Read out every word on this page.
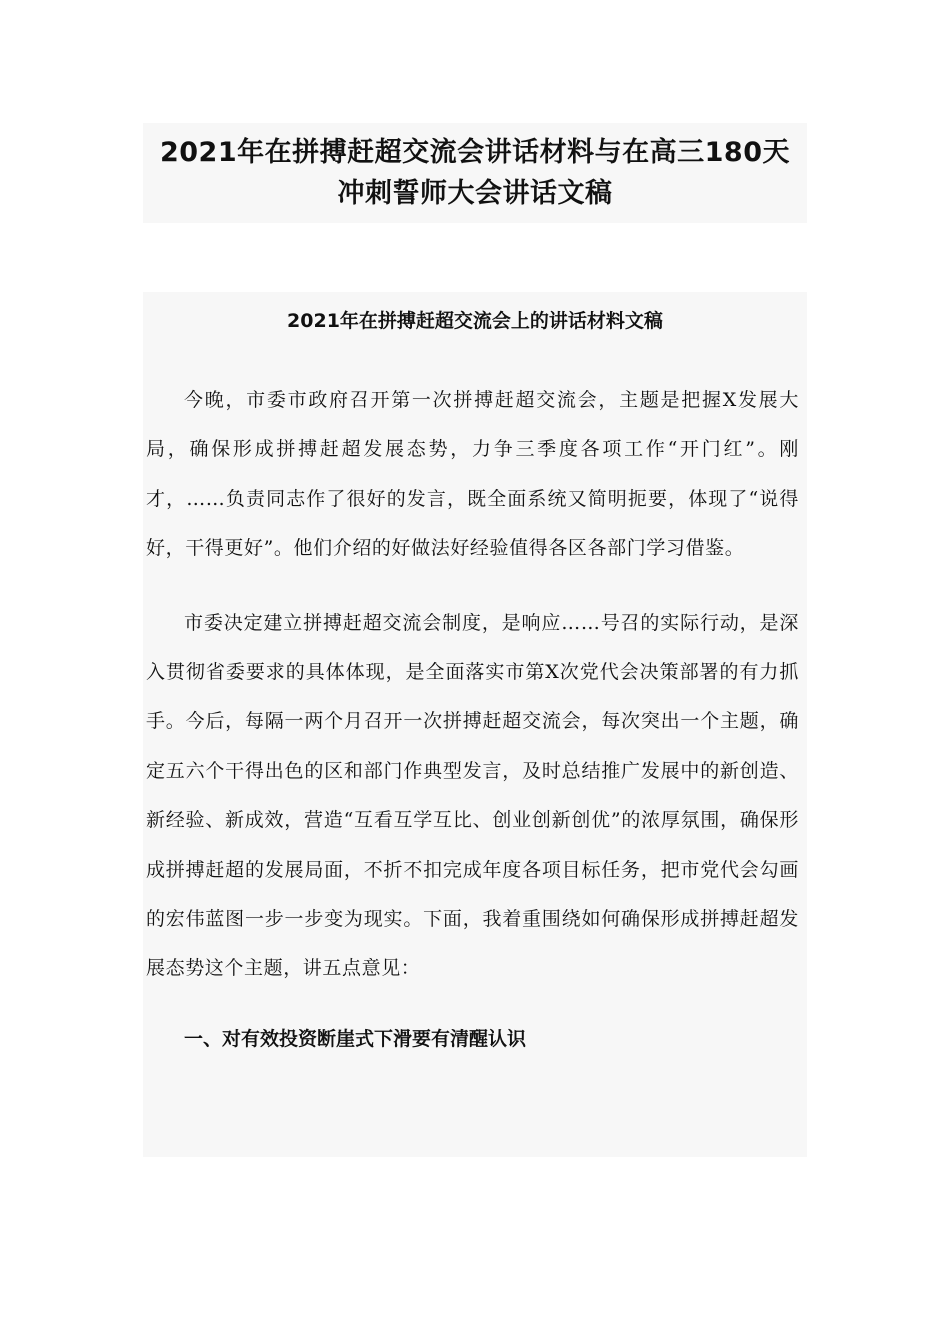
2021年在拼搏赶超交流会讲话材料与在高三180天
冲刺誓师大会讲话文稿
2021年在拼搏赶超交流会上的讲话材料文稿

今晚，市委市政府召开第一次拼搏赶超交流会，主题是把握X发展大局，确保形成拼搏赶超发展态势，力争三季度各项工作“开门红”。刚才，……负责同志作了很好的发言，既全面系统又简明扼要，体现了“说得好，干得更好”。他们介绍的好做法好经验值得各区各部门学习借鉴。

市委决定建立拼搏赶超交流会制度，是响应……号召的实际行动，是深入贯彻省委要求的具体体现，是全面落实市第X次党代会决策部署的有力抓手。今后，每隔一两个月召开一次拼搏赶超交流会，每次突出一个主题，确定五六个干得出色的区和部门作典型发言，及时总结推广发展中的新创造、新经验、新成效，营造“互看互学互比、创业创新创优”的浓厚氛围，确保形成拼搏赶超的发展局面，不折不扣完成年度各项目标任务，把市党代会勾画的宏伟蓝图一步一步变为现实。下面，我着重围绕如何确保形成拼搏赶超发展态势这个主题，讲五点意见：

一、对有效投资断崖式下滑要有清醒认识
